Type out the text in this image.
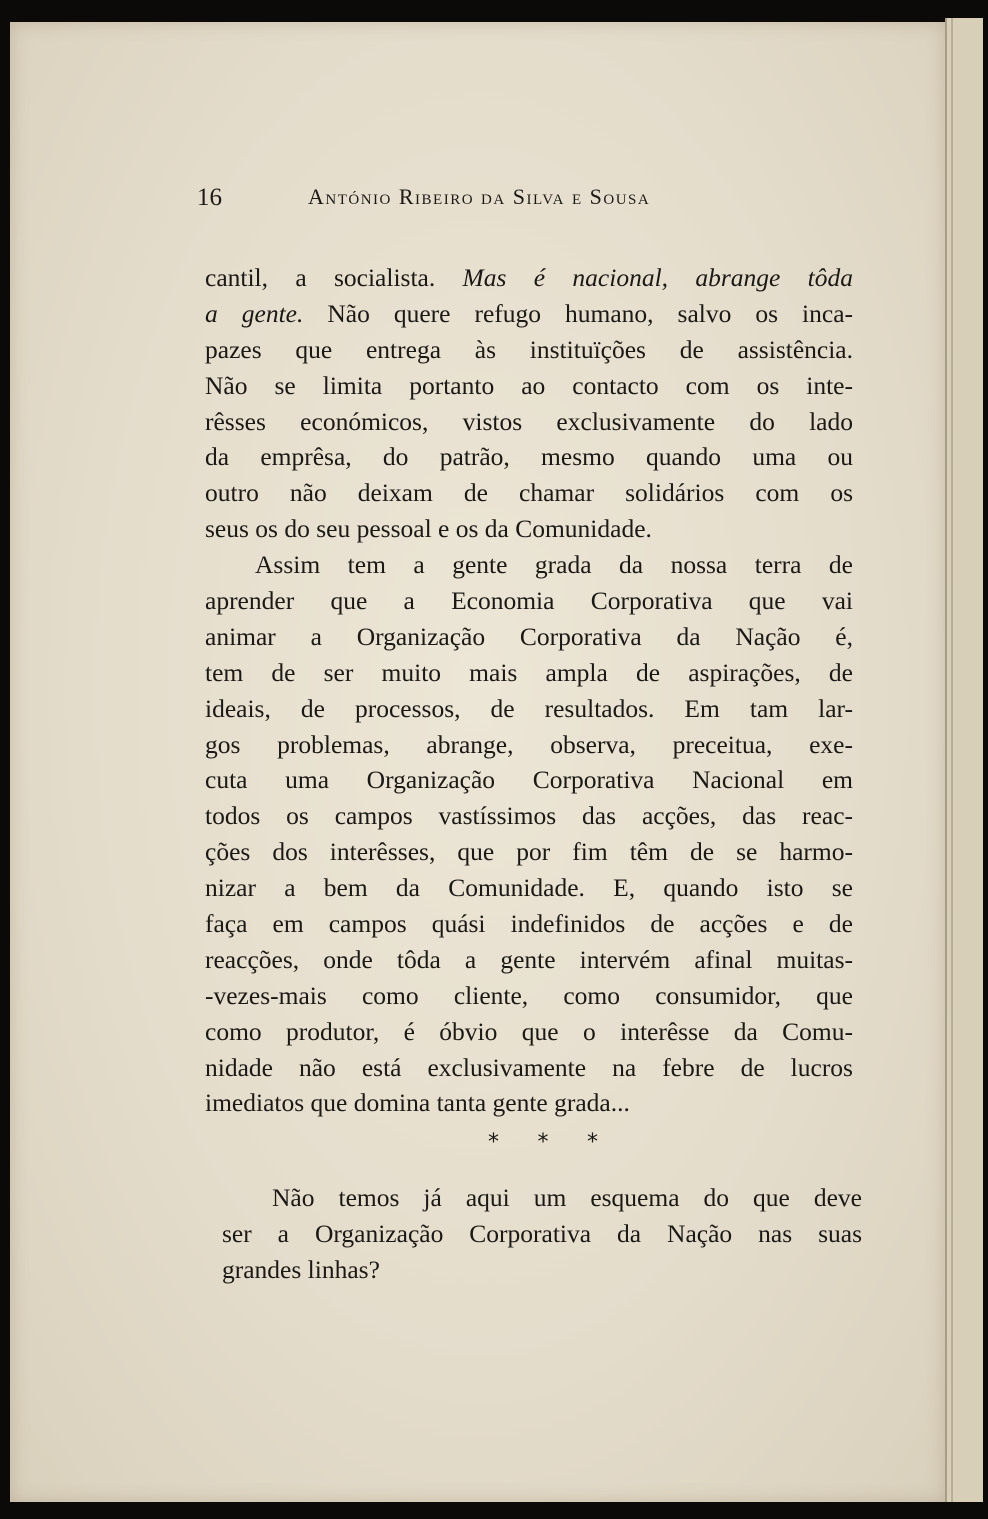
16	António Ribeiro da Silva e Sousa
cantil, a socialista. Mas é nacional, abrange tôda
a gente. Não quere refugo humano, salvo os inca-
pazes que entrega às instituïções de assistência.
Não se limita portanto ao contacto com os inte-
rêsses económicos, vistos exclusivamente do lado
da emprêsa, do patrão, mesmo quando uma ou
outro não deixam de chamar solidários com os
seus os do seu pessoal e os da Comunidade.
Assim tem a gente grada da nossa terra de
aprender que a Economia Corporativa que vai
animar a Organização Corporativa da Nação é,
tem de ser muito mais ampla de aspirações, de
ideais, de processos, de resultados. Em tam lar-
gos problemas, abrange, observa, preceitua, exe-
cuta uma Organização Corporativa Nacional em
todos os campos vastíssimos das acções, das reac-
ções dos interêsses, que por fim têm de se harmo-
nizar a bem da Comunidade. E, quando isto se
faça em campos quási indefinidos de acções e de
reacções, onde tôda a gente intervém afinal muitas-
-vezes-mais como cliente, como consumidor, que
como produtor, é óbvio que o interêsse da Comu-
nidade não está exclusivamente na febre de lucros
imediatos que domina tanta gente grada...
* * *
Não temos já aqui um esquema do que deve
ser a Organização Corporativa da Nação nas suas
grandes linhas?
